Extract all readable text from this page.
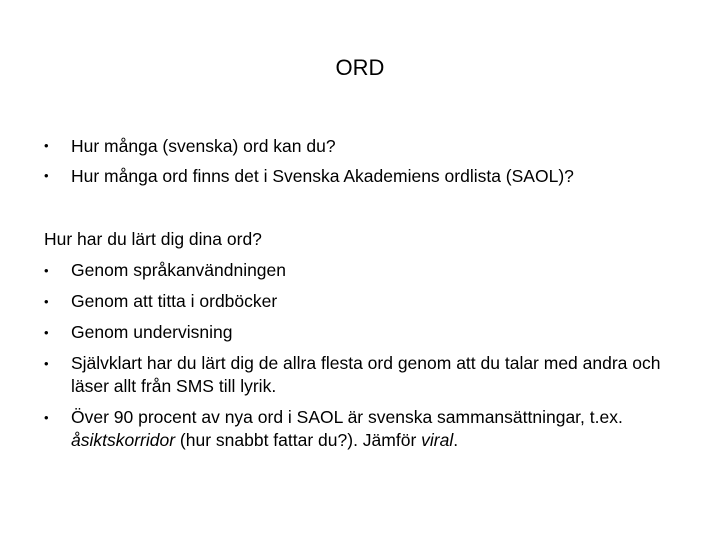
ORD
•	Hur många (svenska) ord kan du?
•	Hur många ord finns det i Svenska Akademiens ordlista (SAOL)?

Hur har du lärt dig dina ord?

•	Genom språkanvändningen
•	Genom att titta i ordböcker
•	Genom undervisning
•	Självklart har du lärt dig de allra flesta ord genom att du talar med andra och läser allt från SMS till lyrik.
•	Över 90 procent av nya ord i SAOL är svenska sammansättningar, t.ex. åsiktskorridor (hur snabbt fattar du?). Jämför viral.
